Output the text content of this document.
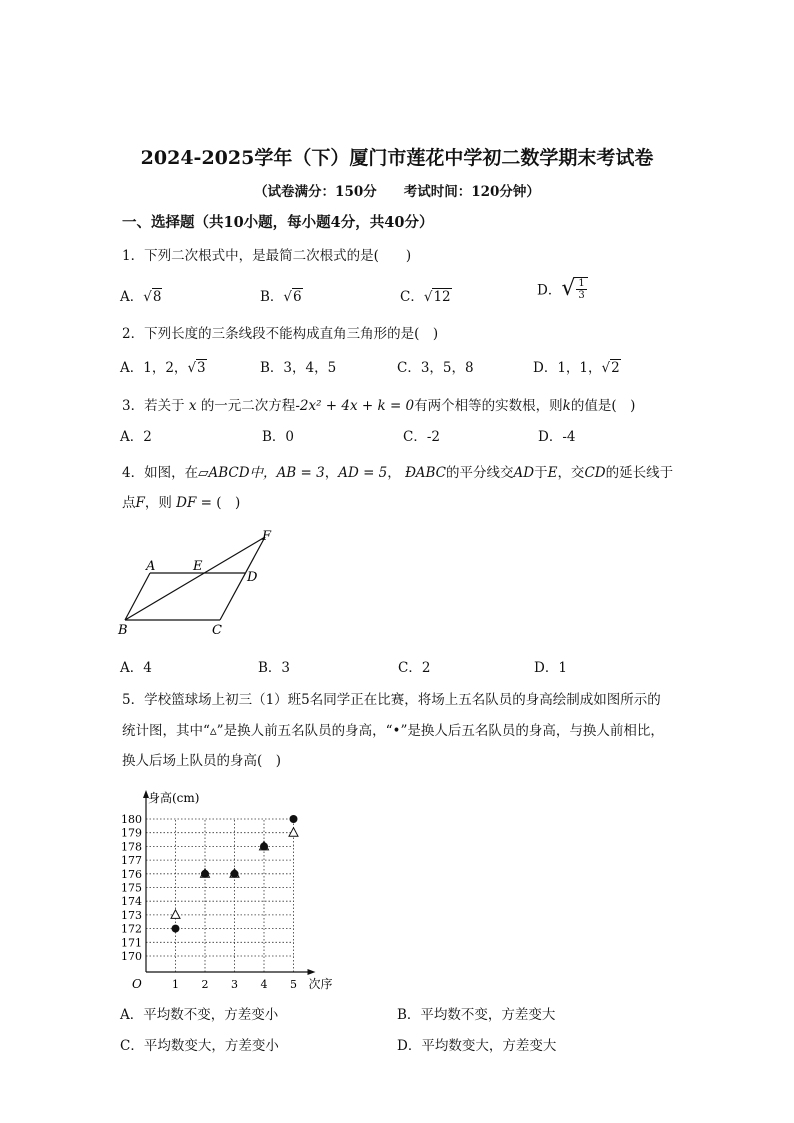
2024-2025学年（下）厦门市莲花中学初二数学期末考试卷
（试卷满分：150分　　考试时间：120分钟）
一、选择题（共10小题，每小题4分，共40分）
1．下列二次根式中，是最简二次根式的是(　　)
A．√8	B．√6	C．√12	D．√ $\frac{1}{3}$
2．下列长度的三条线段不能构成直角三角形的是(　)
A．1，2，√3	B．3，4，5	C．3，5，8	D．1，1，√2
3．若关于 x 的一元二次方程-2x² + 4x + k = 0有两个相等的实数根，则k的值是(　)
A．2	B．0	C．-2	D．-4
4．如图，在▱ABCD中，AB = 3，AD = 5， ÐABC的平分线交AD于E，交CD的延长线于
点F，则 DF = (　)
A	E
D
F
B	C
A．4	B．3	C．2	D．1
5．学校篮球场上初三（1）班5名同学正在比赛，将场上五名队员的身高绘制成如图所示的
统计图，其中“▵”是换人前五名队员的身高，“•”是换人后五名队员的身高，与换人前相比，
换人后场上队员的身高(　)
170
171
172
173
174
175
176
177
178
179
180
1 2 3 4 5
身高(cm)
次序
O
A．平均数不变，方差变小	B．平均数不变，方差变大
C．平均数变大，方差变小	D．平均数变大，方差变大
